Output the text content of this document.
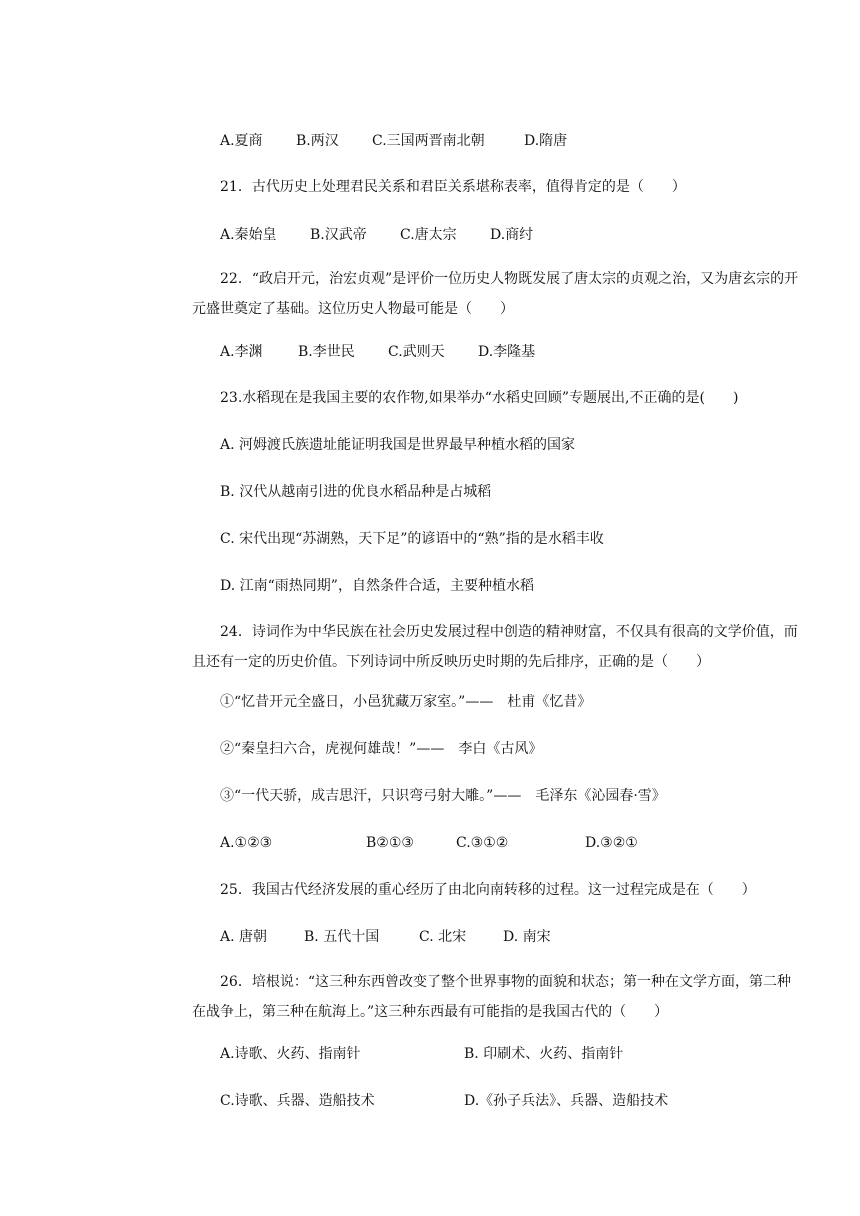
A.夏商 B.两汉 C.三国两晋南北朝	D.隋唐

21．古代历史上处理君民关系和君臣关系堪称表率，值得肯定的是（　　）

A.秦始皇 B.汉武帝 C.唐太宗 D.商纣

22．“政启开元，治宏贞观”是评价一位历史人物既发展了唐太宗的贞观之治，又为唐玄宗的开元盛世奠定了基础。这位历史人物最可能是（　　）

A.李渊	B.李世民 C.武则天 D.李隆基
23.水稻现在是我国主要的农作物,如果举办“水稻史回顾”专题展出,不正确的是(　　)
A. 河姆渡氏族遗址能证明我国是世界最早种植水稻的国家
B. 汉代从越南引进的优良水稻品种是占城稻
C. 宋代出现“苏湖熟，天下足”的谚语中的“熟”指的是水稻丰收
D. 江南“雨热同期”，自然条件合适，主要种植水稻

24．诗词作为中华民族在社会历史发展过程中创造的精神财富，不仅具有很高的文学价值，而且还有一定的历史价值。下列诗词中所反映历史时期的先后排序，正确的是（　　）

①“忆昔开元全盛日，小邑犹藏万家室。”——　杜甫《忆昔》
②“秦皇扫六合，虎视何雄哉！”——　李白《古风》
③“一代天骄，成吉思汗，只识弯弓射大雕。”——　毛泽东《沁园春·雪》
A.①②③	B②①③	C.③①②	D.③②①

25．我国古代经济发展的重心经历了由北向南转移的过程。这一过程完成是在（　　）

A. 唐朝	B. 五代十国	C. 北宋	D. 南宋

26．培根说：“这三种东西曾改变了整个世界事物的面貌和状态；第一种在文学方面，第二种在战争上，第三种在航海上。”这三种东西最有可能指的是我国古代的（　　）

A.诗歌、火药、指南针	B. 印刷术、火药、指南针
C.诗歌、兵器、造船技术	D.《孙子兵法》、兵器、造船技术
